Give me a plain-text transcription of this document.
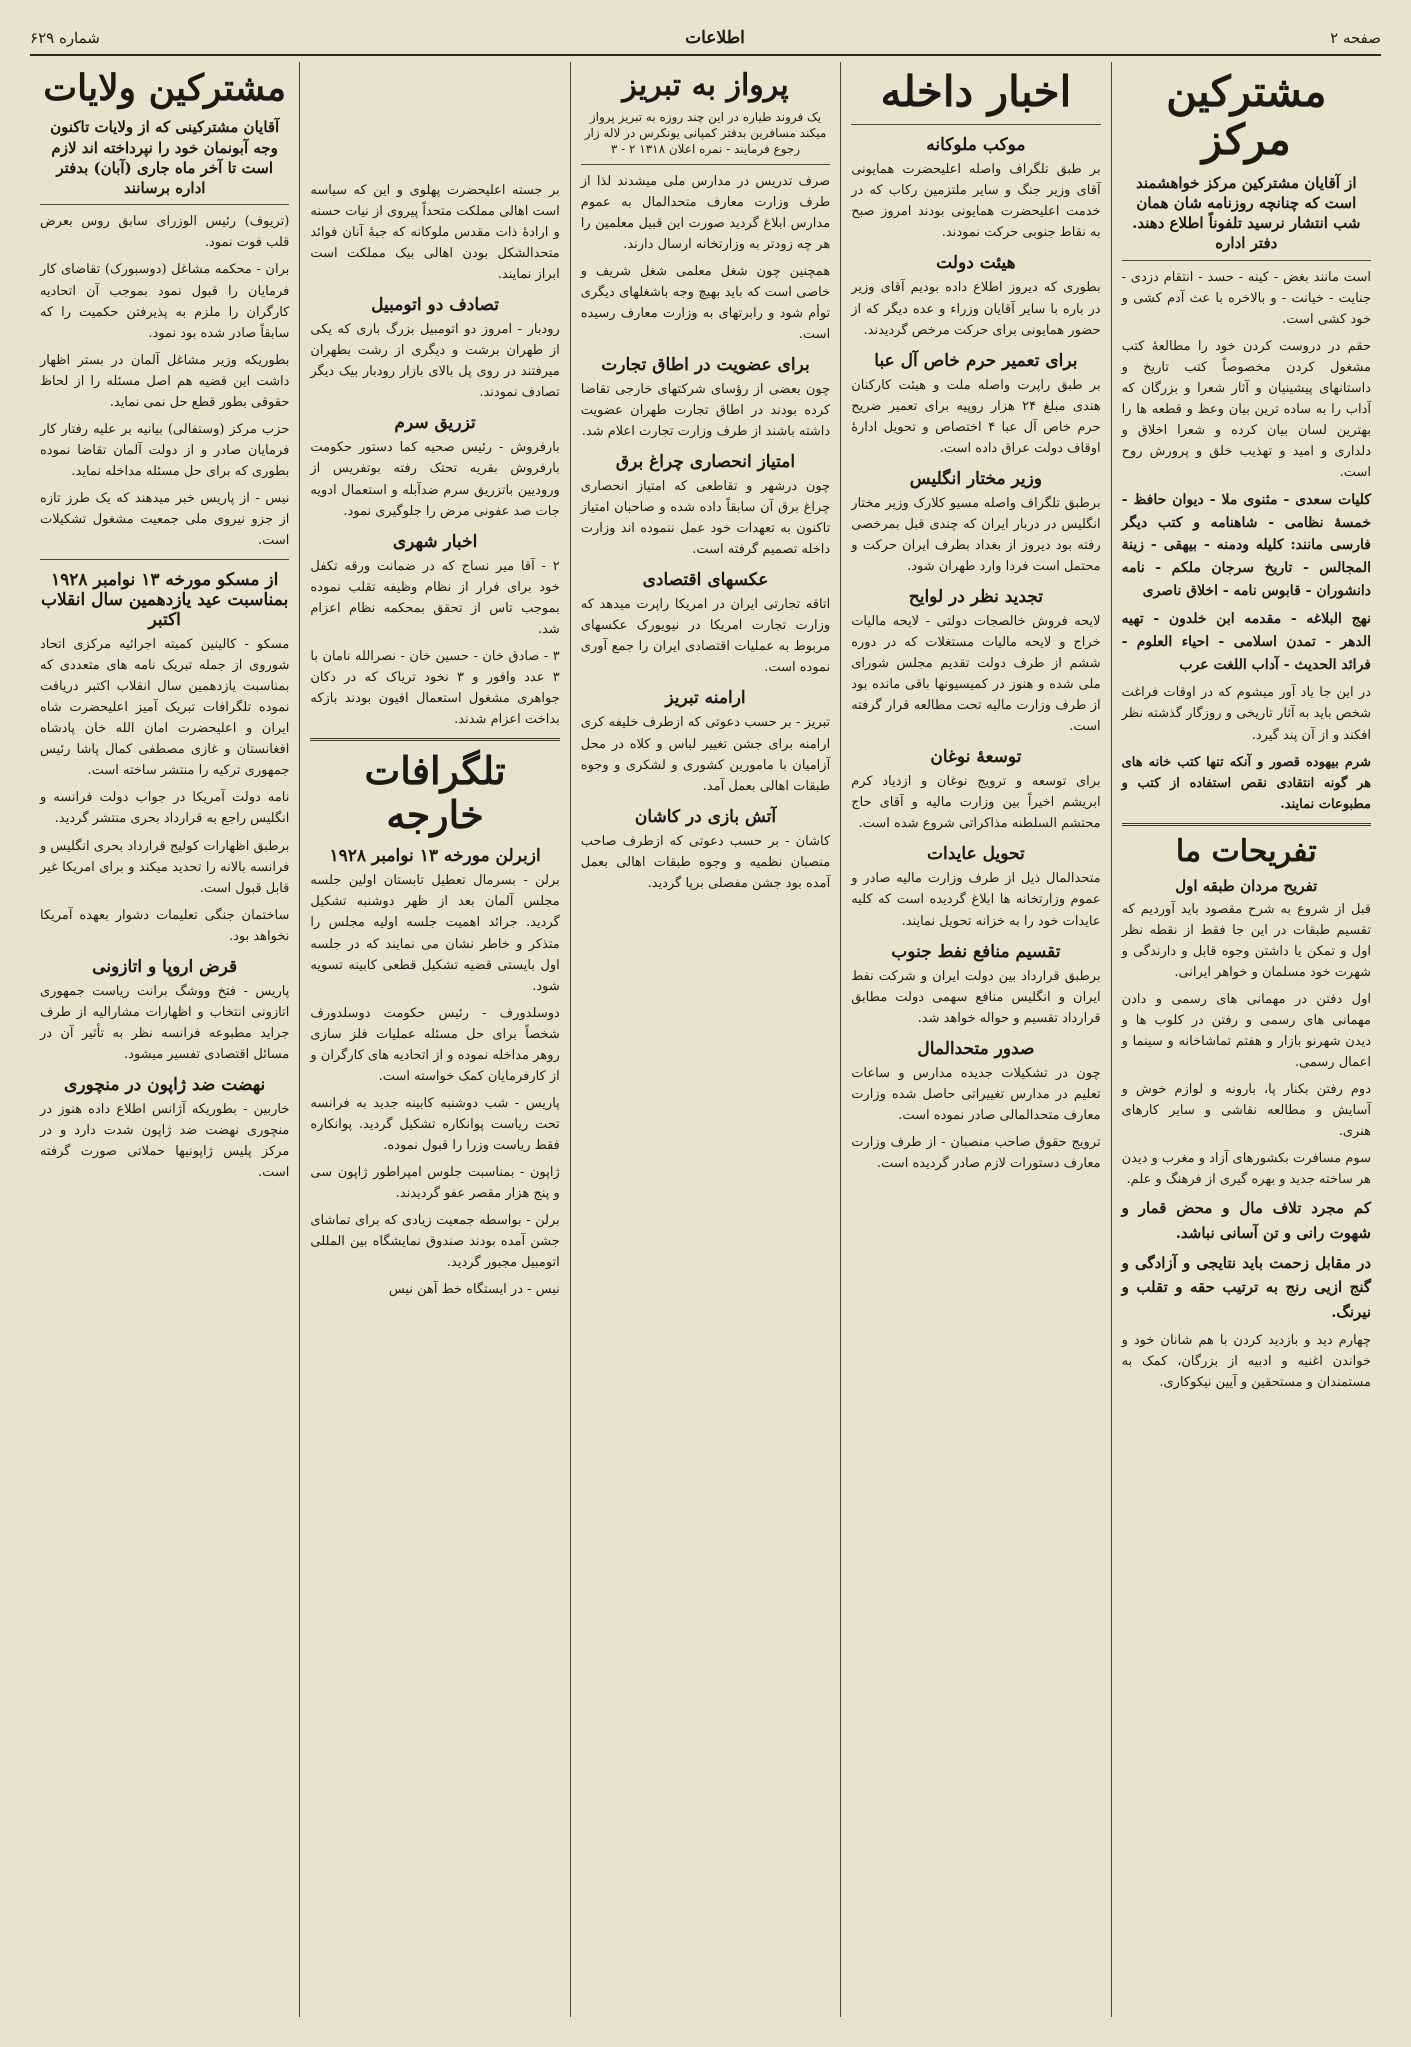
صفحه ۲
اطلاعات
شماره ۶۲۹
مشترکین مرکز
از آقایان مشترکین مرکز خواهشمند است که چنانچه روزنامه شان همان شب انتشار نرسید تلفوناً اطلاع دهند. دفتر اداره

است مانند بغض - کینه - حسد - انتقام دزدی - جنایت - خیانت - و بالاخره با عث آدم کشی و خود کشی است.

حقم در دروست کردن خود را مطالعهٔ کتب مشغول کردن مخصوصاً کتب تاریخ و داستانهای پیشینیان و آثار شعرا و بزرگان که آداب را به ساده ترین بیان وعظ و قطعه ها را بهترین لسان بیان کرده و شعرا اخلاق و دلداری و امید و تهذیب خلق و پرورش روح است.

کلیات سعدی - مثنوی ملا - دیوان حافظ - خمسهٔ نظامی - شاهنامه و کتب دیگر فارسی مانند: کلیله ودمنه - بیهقی - زینة المجالس - تاریخ سرجان ملکم - نامه دانشوران - قابوس نامه - اخلاق ناصری

نهج البلاغه - مقدمه ابن خلدون - تهیه الدهر - تمدن اسلامی - احیاء العلوم - فرائد الحدیث - آداب اللغت عرب

در این جا یاد آور میشوم که در اوقات فراغت شخص باید به آثار تاریخی و روزگار گذشته نظر افکند و از آن پند گیرد.

شرم بیهوده قصور و آنکه تنها کتب خانه های هر گونه انتقادی نقص استفاده از کتب و مطبوعات نمایند.

تفریحات ما
تفریح مردان طبقه اول

قبل از شروع به شرح مقصود باید آوردیم که تقسیم طبقات در این جا فقط از نقطه نظر اول و تمکن یا داشتن وجوه قابل و دارندگی و شهرت خود مسلمان و خواهر ایرانی.

اول دفتن در مهمانی های رسمی و دادن مهمانی های رسمی و رفتن در کلوب ها و دیدن شهرنو بازار و هفتم تماشاخانه و سینما و اعمال رسمی.

دوم رفتن بکنار پا، بارونه و لوازم خوش و آسایش و مطالعه نقاشی و سایر کارهای هنری.

سوم مسافرت بکشورهای آزاد و مغرب و دیدن هر ساخته جدید و بهره گیری از فرهنگ و علم.

کم مجرد تلاف مال و محض قمار و شهوت رانی و تن آسانی نباشد.

در مقابل زحمت باید نتایجی و آزادگی و گنج ازیی رنج به ترتیب حقه و تقلب و نیرنگ.

چهارم دید و بازدید کردن با هم شانان خود و خواندن اغنیه و ادبیه از بزرگان، کمک به مستمندان و مستحقین و آیین نیکوکاری.

اخبار داخله
موکب ملوکانه

بر طبق تلگراف واصله اعلیحضرت همایونی آقای وزیر جنگ و سایر ملتزمین رکاب که در خدمت اعلیحضرت همایونی بودند امروز صبح به نقاط جنوبی حرکت نمودند.

هیئت دولت

بطوری که دیروز اطلاع داده بودیم آقای وزیر در باره با سایر آقایان وزراء و عده دیگر که از حضور همایونی برای حرکت مرخص گردیدند.

برای تعمیر حرم خاص آل عبا

بر طبق راپرت واصله ملت و هیئت کارکنان هندی مبلغ ۲۴ هزار روپیه برای تعمیر ضریح حرم خاص آل عبا ۴ اختصاص و تحویل ادارهٔ اوقاف دولت عراق داده است.

وزیر مختار انگلیس

برطبق تلگراف واصله مسیو کلارک وزیر مختار انگلیس در دربار ایران که چندی قبل بمرخصی رفته بود دیروز از بغداد بطرف ایران حرکت و محتمل است فردا وارد طهران شود.

تجدید نظر در لوایح

لایحه فروش خالصجات دولتی - لایحه مالیات خراج و لایحه مالیات مستغلات که در دوره ششم از طرف دولت تقدیم مجلس شورای ملی شده و هنوز در کمیسیونها باقی مانده بود از طرف وزارت مالیه تحت مطالعه قرار گرفته است.

توسعهٔ نوغان

برای توسعه و ترویج نوغان و ازدیاد کرم ابریشم اخیراً بین وزارت مالیه و آقای حاج محتشم السلطنه مذاکراتی شروع شده است.

تحویل عایدات

متحدالمال ذیل از طرف وزارت مالیه صادر و عموم وزارتخانه ها ابلاغ گردیده است که کلیه عایدات خود را به خزانه تحویل نمایند.

تقسیم منافع نفط جنوب

برطبق قرارداد بین دولت ایران و شرکت نفط ایران و انگلیس منافع سهمی دولت مطابق قرارداد تقسیم و حواله خواهد شد.

صدور متحدالمال

چون در تشکیلات جدیده مدارس و ساعات تعلیم در مدارس تغییراتی حاصل شده وزارت معارف متحدالمالی صادر نموده است.

ترویج حقوق صاحب منصبان - از طرف وزارت معارف دستورات لازم صادر گردیده است.

پرواز به تبریز
یک فروند طیاره در این چند روزه به تبریز پرواز میکند مسافرین بدفتر کمپانی یونکرس در لاله زار رجوع فرمایند - نمره اعلان ۱۳۱۸ ۲ - ۳

صرف تدریس در مدارس ملی میشدند لذا از طرف وزارت معارف متحدالمال به عموم مدارس ابلاغ گردید صورت این قبیل معلمین را هر چه زودتر به وزارتخانه ارسال دارند.

همچنین چون شغل معلمی شغل شریف و خاصی است که باید بهیچ وجه باشغلهای دیگری توأم شود و رابرتهای به وزارت معارف رسیده است.

برای عضویت در اطاق تجارت

چون بعضی از رؤسای شرکتهای خارجی تقاضا کرده بودند در اطاق تجارت طهران عضویت داشته باشند از طرف وزارت تجارت اعلام شد.

امتیاز انحصاری چراغ برق

چون درشهر و تقاطعی که امتیاز انحصاری چراغ برق آن سابقاً داده شده و صاحبان امتیاز تاکنون به تعهدات خود عمل ننموده اند وزارت داخله تصمیم گرفته است.

عکسهای اقتصادی

اتاقه تجارتی ایران در امریکا راپرت میدهد که وزارت تجارت امریکا در نیویورک عکسهای مربوط به عملیات اقتصادی ایران را جمع آوری نموده است.

ارامنه تبریز

تبریز - بر حسب دعوتی که ازطرف خلیفه کری ارامنه برای جشن تغییر لباس و کلاه در محل آزامیان با مامورین کشوری و لشکری و وجوه طبقات اهالی بعمل آمد.

آتش بازی در کاشان

کاشان - بر حسب دعوتی که ازطرف صاحب منصبان نظمیه و وجوه طبقات اهالی بعمل آمده بود جشن مفصلی برپا گردید.

بر جسته اعلیحضرت پهلوی و این که سیاسه است اهالی مملکت متحداً پیروی از نیات حسنه و ارادهٔ ذات مقدس ملوکانه که جبهٔ آنان فوائد متحدالشکل بودن اهالی بیک مملکت است ابراز نمایند.

تصادف دو اتومبیل

رودبار - امروز دو اتومبیل بزرگ باری که یکی از طهران برشت و دیگری از رشت بطهران میرفتند در روی پل بالای بازار رودبار بیک دیگر تصادف نمودند.

تزریق سرم

بارفروش - رئیس صحیه کما دستور حکومت بارفروش بقریه تحتک رفته بوتفریس از ورودیین باتزریق سرم ضدآبله و استعمال ادویه جات صد عفونی مرض را جلوگیری نمود.

اخبار شهری

۲ - آقا میر نساج که در ضمانت ورقه تکفل خود برای فرار از نظام وظیفه تقلب نموده بموجب تاس از تحقق بمحکمه نظام اعزام شد.

۳ - صادق خان - حسین خان - نصرالله نامان با ۳ عدد وافور و ۳ نخود تریاک که در دکان جواهری مشغول استعمال افیون بودند بازکه بداخت اعزام شدند.

تلگرافات خارجه
ازبرلن مورخه ۱۳ نوامبر ۱۹۲۸

برلن - بسرمال تعطیل تابستان اولین جلسه مجلس آلمان بعد از ظهر دوشنبه تشکیل گردید. جرائد اهمیت جلسه اولیه مجلس را متذکر و خاطر نشان می نمایند که در جلسه اول بایستی قضیه تشکیل قطعی کابینه تسویه شود.

دوسلدورف - رئیس حکومت دوسلدورف شخصاً برای حل مسئله عملیات فلز سازی روهر مداخله نموده و از اتحادیه های کارگران و از کارفرمایان کمک خواسته است.

پاریس - شب دوشنبه کابینه جدید به فرانسه تحت ریاست پوانکاره تشکیل گردید. پوانکاره فقط ریاست وزرا را قبول نموده.

ژاپون - بمناسبت جلوس امپراطور ژاپون سی و پنج هزار مقصر عفو گردیدند.

برلن - بواسطه جمعیت زیادی که برای تماشای جشن آمده بودند صندوق نمایشگاه بین المللی اتومبیل مجبور گردید.

نیس - در ایستگاه خط آهن نیس

مشترکین ولایات
آقایان مشترکینی که از ولایات تاکنون وجه آبونمان خود را نپرداخته اند لازم است تا آخر ماه جاری (آبان) بدفتر اداره برسانند

(تریوف) رئیس الوزرای سابق روس بعرض قلب فوت نمود.

بران - محکمه مشاغل (دوسبورک) تقاضای کار فرمایان را قبول نمود بموجب آن اتحادیه کارگران را ملزم به پذیرفتن حکمیت را که سابقاً صادر شده بود نمود.

بطوریکه وزیر مشاغل آلمان در بستر اظهار داشت این قضیه هم اصل مسئله را از لحاظ حقوقی بطور قطع حل نمی نماید.

حزب مرکز (وستفالی) بیانیه بر علیه رفتار کار فرمایان صادر و از دولت آلمان تقاضا نموده بطوری که برای حل مسئله مداخله نماید.

نیس - از پاریس خبر میدهند که یک طرز تازه از جزو نیروی ملی جمعیت مشغول تشکیلات است.

از مسکو مورخه ۱۳ نوامبر ۱۹۲۸ بمناسبت عید یازدهمین سال انقلاب اکتبر

مسکو - کالینین کمیته اجرائیه مرکزی اتحاد شوروی از جمله تبریک نامه های متعددی که بمناسبت یازدهمین سال انقلاب اکتبر دریافت نموده تلگرافات تبریک آمیز اعلیحضرت شاه ایران و اعلیحضرت امان الله خان پادشاه افغانستان و غازی مصطفی کمال پاشا رئیس جمهوری ترکیه را منتشر ساخته است.

نامه دولت آمریکا در جواب دولت فرانسه و انگلیس راجع به قرارداد بحری منتشر گردید.

برطبق اظهارات کولیج قرارداد بحری انگلیس و فرانسه بالانه را تحدید میکند و برای امریکا غیر قابل قبول است.

ساختمان جنگی تعلیمات دشوار بعهده آمریکا نخواهد بود.

قرض اروپا و اتازونی

پاریس - فتخ ووشگ برانت ریاست جمهوری اتازونی انتخاب و اظهارات مشارالیه از طرف جراید مطبوعه فرانسه نظر به تأثیر آن در مسائل اقتصادی تفسیر میشود.

نهضت ضد ژاپون در منچوری

خاربین - بطوریکه آژانس اطلاع داده هنوز در منچوری نهضت ضد ژاپون شدت دارد و در مرکز پلیس ژاپونیها حملاتی صورت گرفته است.
